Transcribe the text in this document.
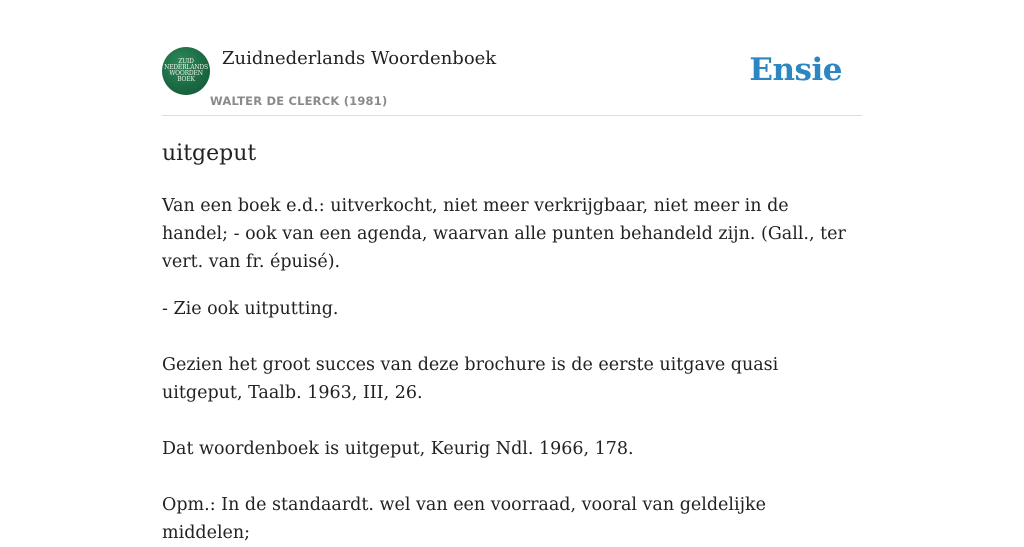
ZUID
NEDERLANDS
WOORDEN
BOEK
Zuidnederlands Woordenboek
WALTER DE CLERCK (1981)
Ensie
uitgeput

Van een boek e.d.: uitverkocht, niet meer verkrijgbaar, niet meer in de handel; - ook van een agenda, waarvan alle punten behandeld zijn. (Gall., ter vert. van fr. épuisé).

- Zie ook uitputting.

Gezien het groot succes van deze brochure is de eerste uitgave quasi uitgeput, Taalb. 1963, III, 26.

Dat woordenboek is uitgeput, Keurig Ndl. 1966, 178.

Opm.: In de standaardt. wel van een voorraad, vooral van geldelijke middelen;
